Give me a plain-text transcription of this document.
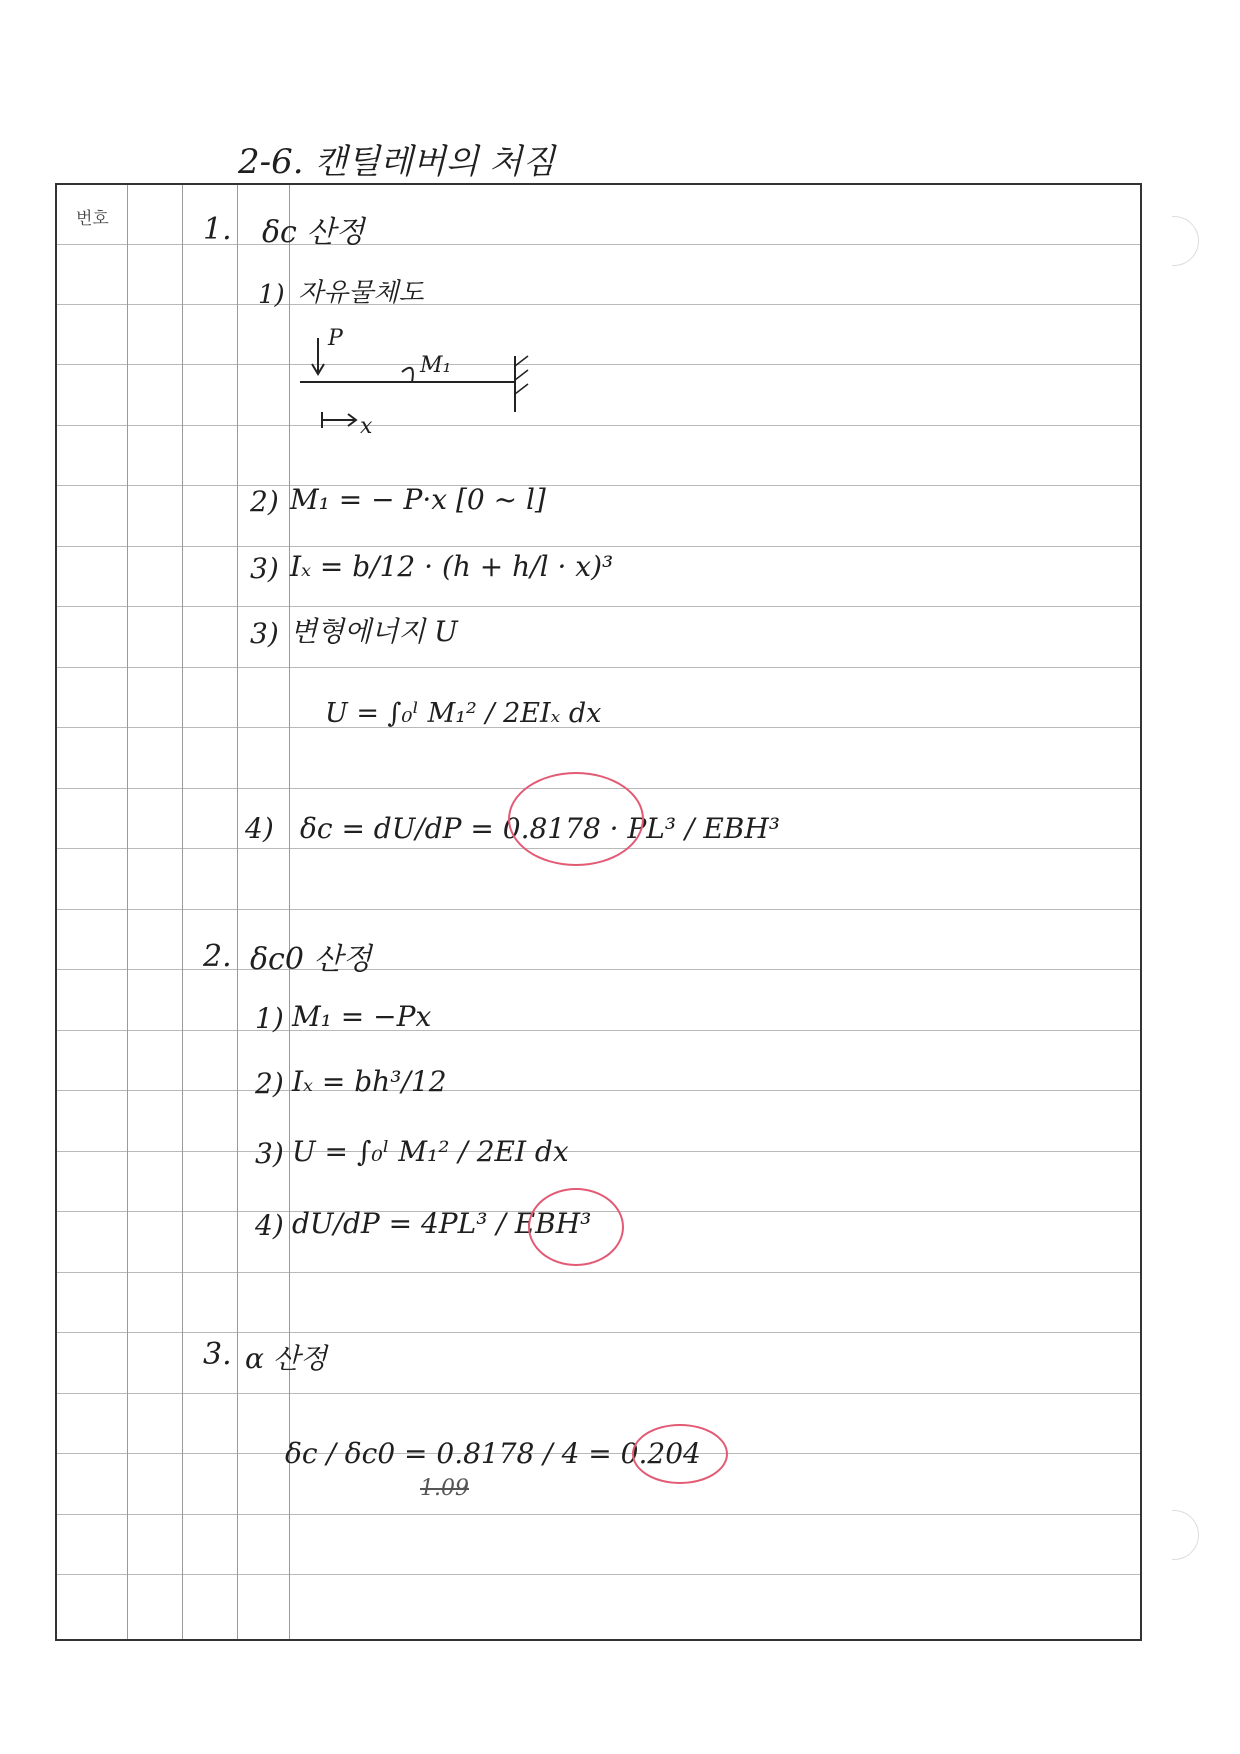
2-6. 캔틸레버의 처짐
번호	1. δc 산정
1) 자유물체도
P
M₁
x
2) M₁ = − P·x [0 ~ l]
3) Iₓ = b/12 · (h + h/l · x)³
3) 변형에너지 U
U = ∫₀ˡ M₁² / 2EIₓ dx
4) δc = dU/dP = 0.8178 · PL³ / EBH³
2. δc0 산정
1) M₁ = −Px
2) Iₓ = bh³/12
3) U = ∫₀ˡ M₁² / 2EI dx
4) dU/dP = 4PL³ / EBH³
3. α 산정
δc / δc0 = 0.8178 / 4 = 0.204
1.09
